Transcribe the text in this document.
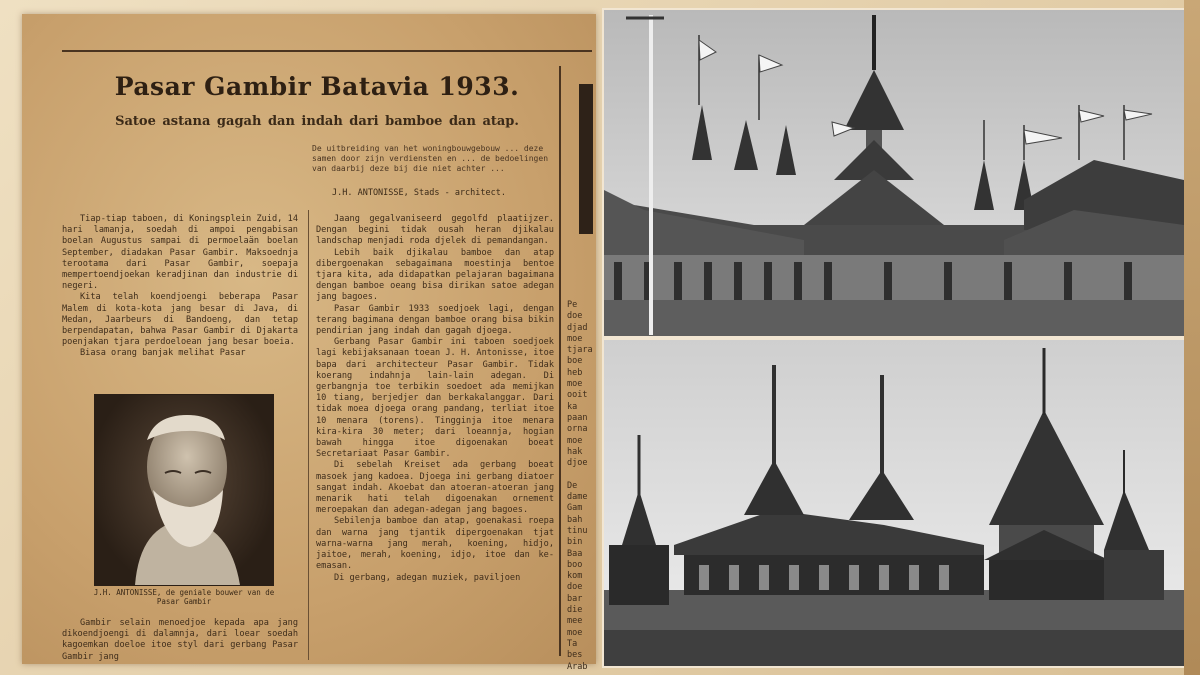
Pasar Gambir Batavia 1933.
Satoe astana gagah dan indah dari bamboe dan atap.
De uitbreiding van het woningbouwgebouw ... deze samen door zijn verdiensten en ... de bedoelingen van daarbij deze bij die niet achter ...
J.H. ANTONISSE, Stads - architect.

Tiap-tiap taboen, di Koningsplein Zuid, 14 hari lamanja, soedah di ampoi pengabisan boelan Augustus sampai di permoelaän boelan September, diadakan Pasar Gambir. Maksoednja terootama dari Pasar Gambir, soepaja mempertoendjoekan keradjinan dan industrie di negeri.

Kita telah koendjoengi beberapa Pasar Malem di kota-kota jang besar di Java, di Medan, Jaarbeurs di Bandoeng, dan tetap berpendapatan, bahwa Pasar Gambir di Djakarta poenjakan tjara perdoeloean jang besar boeia.

Biasa orang banjak melihat Pasar

J.H. ANTONISSE, de geniale bouwer van de Pasar Gambir

Gambir selain menoedjoe kepada apa jang dikoendjoengi di dalamnja, dari loear soedah kagoemkan doeloe itoe styl dari gerbang Pasar Gambir jang

Jaang gegalvaniseerd gegolfd plaatijzer. Dengan begini tidak ousah heran djikalau landschap menjadi roda djelek di pemandangan.

Lebih baik djikalau bamboe dan atap dibergoenakan sebagaimana moestinja bentoe tjara kita, ada didapatkan pelajaran bagaimana dengan bamboe oeang bisa dirikan satoe adegan jang bagoes.

Pasar Gambir 1933 soedjoek lagi, dengan terang bagimana dengan bamboe orang bisa bikin pendirian jang indah dan gagah djoega.

Gerbang Pasar Gambir ini taboen soedjoek lagi kebijaksanaan toean J. H. Antonisse, itoe bapa dari architecteur Pasar Gambir. Tidak koerang indahnja lain-lain adegan. Di gerbangnja toe terbikin soedoet ada memijkan 10 tiang, berjedjer dan berkakalanggar. Dari tidak moea djoega orang pandang, terliat itoe 10 menara (torens). Tingginja itoe menara kira-kira 30 meter; dari loeannja, hogian bawah hingga itoe digoenakan boeat Secretariaat Pasar Gambir.

Di sebelah Kreiset ada gerbang boeat masoek jang kadoea. Djoega ini gerbang diatoer sangat indah. Akoebat dan atoeran-atoeran jang menarik hati telah digoenakan ornement meroepakan dan adegan-adegan jang bagoes.

Sebilenja bamboe dan atap, goenakasi roepa dan warna jang tjantik dipergoenakan tjat warna-warna jang merah, koening, hidjo, jaitoe, merah, koening, idjo, itoe dan ke-emasan.

Di gerbang, adegan muziek, paviljoen

Pe
doe
djad
moe
tjara
boe
heb
moe
ooit
ka
paan
orna
moe
hak
djoe

De
dame
Gam
bah
tinu
bin
Baa
boo
kom
doe
bar
die
mee
moe
Ta
bes
Arab
